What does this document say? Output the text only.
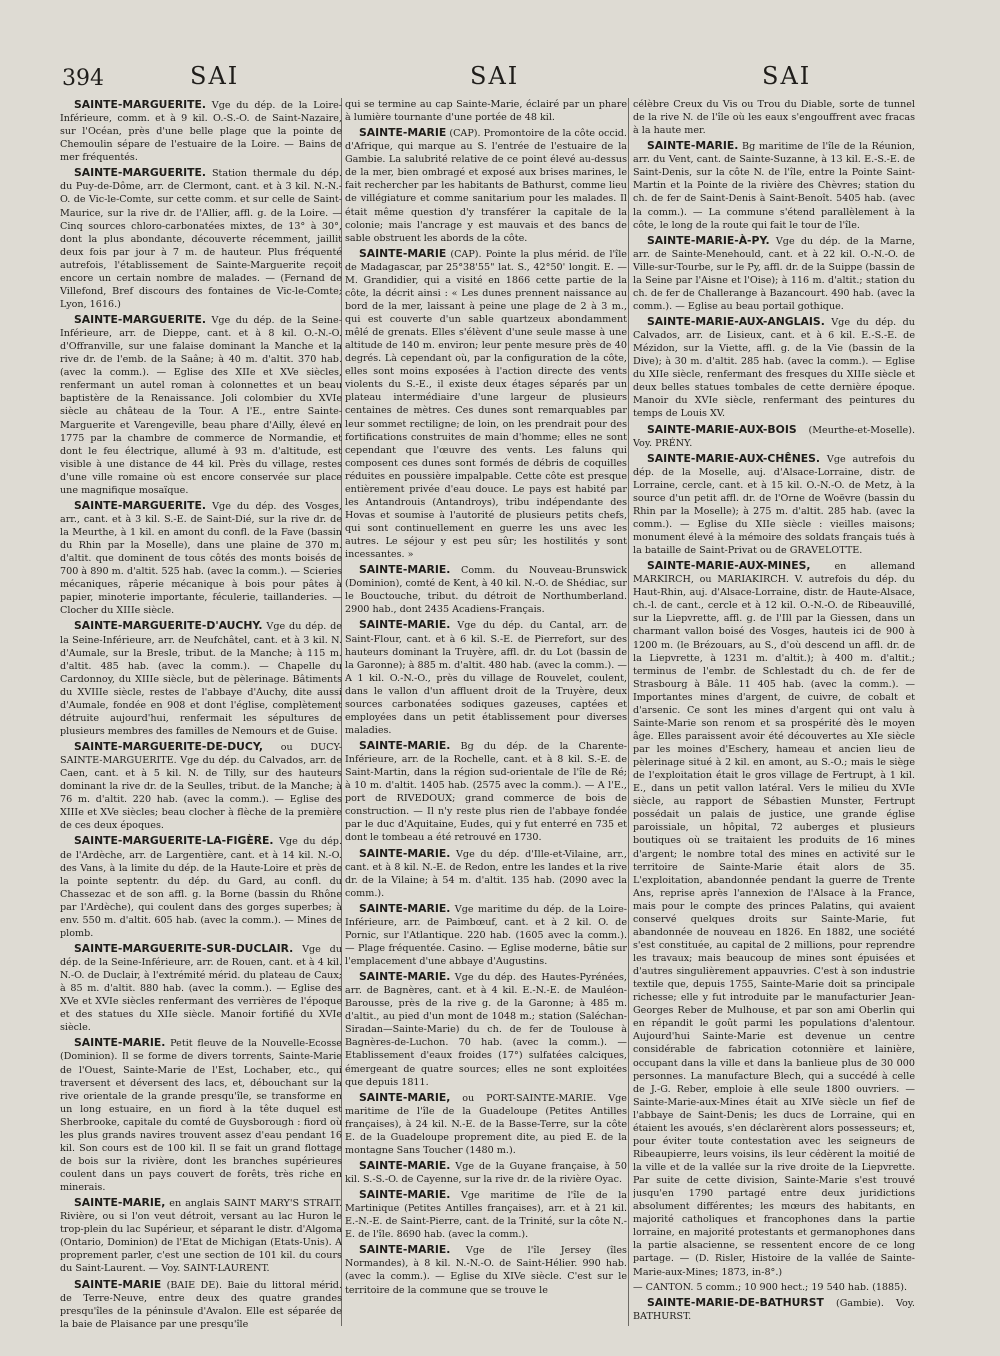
394	SAI	SAI	SAI

SAINTE-MARGUERITE. Vge du dép. de la Loire-Inférieure, comm. et à 9 kil. O.-S.-O. de Saint-Nazaire, sur l'Océan, près d'une belle plage que la pointe de Chemoulin sépare de l'estuaire de la Loire. — Bains de mer fréquentés.

SAINTE-MARGUERITE. Station thermale du dép. du Puy-de-Dôme, arr. de Clermont, cant. et à 3 kil. N.-N.-O. de Vic-le-Comte, sur cette comm. et sur celle de Saint-Maurice, sur la rive dr. de l'Allier, affl. g. de la Loire. — Cinq sources chloro-carbonatées mixtes, de 13° à 30°, dont la plus abondante, découverte récemment, jaillit deux fois par jour à 7 m. de hauteur. Plus fréquenté autrefois, l'établissement de Sainte-Marguerite reçoit encore un certain nombre de malades. — (Fernand de Villefond, Bref discours des fontaines de Vic-le-Comte; Lyon, 1616.)

SAINTE-MARGUERITE. Vge du dép. de la Seine-Inférieure, arr. de Dieppe, cant. et à 8 kil. O.-N.-O. d'Offranville, sur une falaise dominant la Manche et la rive dr. de l'emb. de la Saâne; à 40 m. d'altit. 370 hab. (avec la comm.). — Eglise des XIIe et XVe siècles, renfermant un autel roman à colonnettes et un beau baptistère de la Renaissance. Joli colombier du XVIe siècle au château de la Tour. A l'E., entre Sainte-Marguerite et Varengeville, beau phare d'Ailly, élevé en 1775 par la chambre de commerce de Normandie, et dont le feu électrique, allumé à 93 m. d'altitude, est visible à une distance de 44 kil. Près du village, restes d'une ville romaine où est encore conservée sur place une magnifique mosaïque.

SAINTE-MARGUERITE. Vge du dép. des Vosges, arr., cant. et à 3 kil. S.-E. de Saint-Dié, sur la rive dr. de la Meurthe, à 1 kil. en amont du confl. de la Fave (bassin du Rhin par la Moselle), dans une plaine de 370 m. d'altit. que dominent de tous côtés des monts boisés de 700 à 890 m. d'altit. 525 hab. (avec la comm.). — Scieries mécaniques, râperie mécanique à bois pour pâtes à papier, minoterie importante, féculerie, taillanderies. — Clocher du XIIIe siècle.

SAINTE-MARGUERITE-D'AUCHY. Vge du dép. de la Seine-Inférieure, arr. de Neufchâtel, cant. et à 3 kil. N. d'Aumale, sur la Bresle, tribut. de la Manche; à 115 m. d'altit. 485 hab. (avec la comm.). — Chapelle du Cardonnoy, du XIIIe siècle, but de pèlerinage. Bâtiments du XVIIIe siècle, restes de l'abbaye d'Auchy, dite aussi d'Aumale, fondée en 908 et dont l'église, complètement détruite aujourd'hui, renfermait les sépultures de plusieurs membres des familles de Nemours et de Guise.

SAINTE-MARGUERITE-DE-DUCY, ou DUCY-SAINTE-MARGUERITE. Vge du dép. du Calvados, arr. de Caen, cant. et à 5 kil. N. de Tilly, sur des hauteurs dominant la rive dr. de la Seulles, tribut. de la Manche; à 76 m. d'altit. 220 hab. (avec la comm.). — Eglise des XIIIe et XVe siècles; beau clocher à flèche de la première de ces deux époques.

SAINTE-MARGUERITE-LA-FIGÈRE. Vge du dép. de l'Ardèche, arr. de Largentière, cant. et à 14 kil. N.-O. des Vans, à la limite du dép. de la Haute-Loire et près de la pointe septentr. du dép. du Gard, au confl. du Chassezac et de son affl. g. la Borne (bassin du Rhône par l'Ardèche), qui coulent dans des gorges superbes; à env. 550 m. d'altit. 605 hab. (avec la comm.). — Mines de plomb.

SAINTE-MARGUERITE-SUR-DUCLAIR. Vge du dép. de la Seine-Inférieure, arr. de Rouen, cant. et à 4 kil. N.-O. de Duclair, à l'extrémité mérid. du plateau de Caux; à 85 m. d'altit. 880 hab. (avec la comm.). — Eglise des XVe et XVIe siècles renfermant des verrières de l'époque et des statues du XIIe siècle. Manoir fortifié du XVIe siècle.

SAINTE-MARIE. Petit fleuve de la Nouvelle-Ecosse (Dominion). Il se forme de divers torrents, Sainte-Marie de l'Ouest, Sainte-Marie de l'Est, Lochaber, etc., qui traversent et déversent des lacs, et, débouchant sur la rive orientale de la grande presqu'île, se transforme en un long estuaire, en un fiord à la tête duquel est Sherbrooke, capitale du comté de Guysborough : fiord où les plus grands navires trouvent assez d'eau pendant 16 kil. Son cours est de 100 kil. Il se fait un grand flottage de bois sur la rivière, dont les branches supérieures coulent dans un pays couvert de forêts, très riche en minerais.

SAINTE-MARIE, en anglais SAINT MARY'S STRAIT. Rivière, ou si l'on veut détroit, versant au lac Huron le trop-plein du lac Supérieur, et séparant le distr. d'Algoma (Ontario, Dominion) de l'Etat de Michigan (Etats-Unis). A proprement parler, c'est une section de 101 kil. du cours du Saint-Laurent. — Voy. SAINT-LAURENT.

SAINTE-MARIE (BAIE DE). Baie du littoral mérid. de Terre-Neuve, entre deux des quatre grandes presqu'îles de la péninsule d'Avalon. Elle est séparée de la baie de Plaisance par une presqu'île

qui se termine au cap Sainte-Marie, éclairé par un phare à lumière tournante d'une portée de 48 kil.

SAINTE-MARIE (CAP). Promontoire de la côte occid. d'Afrique, qui marque au S. l'entrée de l'estuaire de la Gambie. La salubrité relative de ce point élevé au-dessus de la mer, bien ombragé et exposé aux brises marines, le fait rechercher par les habitants de Bathurst, comme lieu de villégiature et comme sanitarium pour les malades. Il était même question d'y transférer la capitale de la colonie; mais l'ancrage y est mauvais et des bancs de sable obstruent les abords de la côte.

SAINTE-MARIE (CAP). Pointe la plus mérid. de l'île de Madagascar, par 25°38'55" lat. S., 42°50' longit. E. — M. Grandidier, qui a visité en 1866 cette partie de la côte, la décrit ainsi : « Les dunes prennent naissance au bord de la mer, laissant à peine une plage de 2 à 3 m., qui est couverte d'un sable quartzeux abondamment mêlé de grenats. Elles s'élèvent d'une seule masse à une altitude de 140 m. environ; leur pente mesure près de 40 degrés. Là cependant où, par la configuration de la côte, elles sont moins exposées à l'action directe des vents violents du S.-E., il existe deux étages séparés par un plateau intermédiaire d'une largeur de plusieurs centaines de mètres. Ces dunes sont remarquables par leur sommet rectiligne; de loin, on les prendrait pour des fortifications construites de main d'homme; elles ne sont cependant que l'œuvre des vents. Les faluns qui composent ces dunes sont formés de débris de coquilles réduites en poussière impalpable. Cette côte est presque entièrement privée d'eau douce. Le pays est habité par les Antandrouis (Antandroys), tribu indépendante des Hovas et soumise à l'autorité de plusieurs petits chefs, qui sont continuellement en guerre les uns avec les autres. Le séjour y est peu sûr; les hostilités y sont incessantes. »

SAINTE-MARIE. Comm. du Nouveau-Brunswick (Dominion), comté de Kent, à 40 kil. N.-O. de Shédiac, sur le Bouctouche, tribut. du détroit de Northumberland. 2900 hab., dont 2435 Acadiens-Français.

SAINTE-MARIE. Vge du dép. du Cantal, arr. de Saint-Flour, cant. et à 6 kil. S.-E. de Pierrefort, sur des hauteurs dominant la Truyère, affl. dr. du Lot (bassin de la Garonne); à 885 m. d'altit. 480 hab. (avec la comm.). — A 1 kil. O.-N.-O., près du village de Rouvelet, coulent, dans le vallon d'un affluent droit de la Truyère, deux sources carbonatées sodiques gazeuses, captées et employées dans un petit établissement pour diverses maladies.

SAINTE-MARIE. Bg du dép. de la Charente-Inférieure, arr. de la Rochelle, cant. et à 8 kil. S.-E. de Saint-Martin, dans la région sud-orientale de l'île de Ré; à 10 m. d'altit. 1405 hab. (2575 avec la comm.). — A l'E., port de RIVEDOUX; grand commerce de bois de construction. — Il n'y reste plus rien de l'abbaye fondée par le duc d'Aquitaine, Eudes, qui y fut enterré en 735 et dont le tombeau a été retrouvé en 1730.

SAINTE-MARIE. Vge du dép. d'Ille-et-Vilaine, arr., cant. et à 8 kil. N.-E. de Redon, entre les landes et la rive dr. de la Vilaine; à 54 m. d'altit. 135 hab. (2090 avec la comm.).

SAINTE-MARIE. Vge maritime du dép. de la Loire-Inférieure, arr. de Paimbœuf, cant. et à 2 kil. O. de Pornic, sur l'Atlantique. 220 hab. (1605 avec la comm.). — Plage fréquentée. Casino. — Eglise moderne, bâtie sur l'emplacement d'une abbaye d'Augustins.

SAINTE-MARIE. Vge du dép. des Hautes-Pyrénées, arr. de Bagnères, cant. et à 4 kil. E.-N.-E. de Mauléon-Barousse, près de la rive g. de la Garonne; à 485 m. d'altit., au pied d'un mont de 1048 m.; station (Saléchan-Siradan—Sainte-Marie) du ch. de fer de Toulouse à Bagnères-de-Luchon. 70 hab. (avec la comm.). — Etablissement d'eaux froides (17°) sulfatées calciques, émergeant de quatre sources; elles ne sont exploitées que depuis 1811.

SAINTE-MARIE, ou PORT-SAINTE-MARIE. Vge maritime de l'île de la Guadeloupe (Petites Antilles françaises), à 24 kil. N.-E. de la Basse-Terre, sur la côte E. de la Guadeloupe proprement dite, au pied E. de la montagne Sans Toucher (1480 m.).

SAINTE-MARIE. Vge de la Guyane française, à 50 kil. S.-S.-O. de Cayenne, sur la rive dr. de la rivière Oyac.

SAINTE-MARIE. Vge maritime de l'île de la Martinique (Petites Antilles françaises), arr. et à 21 kil. E.-N.-E. de Saint-Pierre, cant. de la Trinité, sur la côte N.-E. de l'île. 8690 hab. (avec la comm.).

SAINTE-MARIE. Vge de l'île Jersey (îles Normandes), à 8 kil. N.-N.-O. de Saint-Hélier. 990 hab. (avec la comm.). — Eglise du XIVe siècle. C'est sur le territoire de la commune que se trouve le

célèbre Creux du Vis ou Trou du Diable, sorte de tunnel de la rive N. de l'île où les eaux s'engouffrent avec fracas à la haute mer.

SAINTE-MARIE. Bg maritime de l'île de la Réunion, arr. du Vent, cant. de Sainte-Suzanne, à 13 kil. E.-S.-E. de Saint-Denis, sur la côte N. de l'île, entre la Pointe Saint-Martin et la Pointe de la rivière des Chèvres; station du ch. de fer de Saint-Denis à Saint-Benoît. 5405 hab. (avec la comm.). — La commune s'étend parallèlement à la côte, le long de la route qui fait le tour de l'île.

SAINTE-MARIE-À-PY. Vge du dép. de la Marne, arr. de Sainte-Menehould, cant. et à 22 kil. O.-N.-O. de Ville-sur-Tourbe, sur le Py, affl. dr. de la Suippe (bassin de la Seine par l'Aisne et l'Oise); à 116 m. d'altit.; station du ch. de fer de Challerange à Bazancourt. 490 hab. (avec la comm.). — Eglise au beau portail gothique.

SAINTE-MARIE-AUX-ANGLAIS. Vge du dép. du Calvados, arr. de Lisieux, cant. et à 6 kil. E.-S.-E. de Mézidon, sur la Viette, affl. g. de la Vie (bassin de la Dive); à 30 m. d'altit. 285 hab. (avec la comm.). — Eglise du XIIe siècle, renfermant des fresques du XIIIe siècle et deux belles statues tombales de cette dernière époque. Manoir du XVIe siècle, renfermant des peintures du temps de Louis XV.

SAINTE-MARIE-AUX-BOIS (Meurthe-et-Moselle). Voy. PRÉNY.

SAINTE-MARIE-AUX-CHÊNES. Vge autrefois du dép. de la Moselle, auj. d'Alsace-Lorraine, distr. de Lorraine, cercle, cant. et à 15 kil. O.-N.-O. de Metz, à la source d'un petit affl. dr. de l'Orne de Woëvre (bassin du Rhin par la Moselle); à 275 m. d'altit. 285 hab. (avec la comm.). — Eglise du XIIe siècle : vieilles maisons; monument élevé à la mémoire des soldats français tués à la bataille de Saint-Privat ou de GRAVELOTTE.

SAINTE-MARIE-AUX-MINES,	en allemand MARKIRCH, ou MARIAKIRCH. V. autrefois du dép. du Haut-Rhin, auj. d'Alsace-Lorraine, distr. de Haute-Alsace, ch.-l. de cant., cercle et à 12 kil. O.-N.-O. de Ribeauvillé, sur la Liepvrette, affl. g. de l'Ill par la Giessen, dans un charmant vallon boisé des Vosges, hauteis ici de 900 à 1200 m. (le Brézouars, au S., d'où descend un affl. dr. de la Liepvrette, à 1231 m. d'altit.); à 400 m. d'altit.; terminus de l'embr. de Schlestadt du ch. de fer de Strasbourg à Bâle. 11 405 hab. (avec la comm.). — Importantes mines d'argent, de cuivre, de cobalt et d'arsenic. Ce sont les mines d'argent qui ont valu à Sainte-Marie son renom et sa prospérité dès le moyen âge. Elles paraissent avoir été découvertes au XIe siècle par les moines d'Eschery, hameau et ancien lieu de pèlerinage situé à 2 kil. en amont, au S.-O.; mais le siège de l'exploitation était le gros village de Fertrupt, à 1 kil. E., dans un petit vallon latéral. Vers le milieu du XVIe siècle, au rapport de Sébastien Munster, Fertrupt possédait un palais de justice, une grande église paroissiale, un hôpital, 72 auberges et plusieurs boutiques où se traitaient les produits de 16 mines d'argent; le nombre total des mines en activité sur le territoire de Sainte-Marie était alors de 35. L'exploitation, abandonnée pendant la guerre de Trente Ans, reprise après l'annexion de l'Alsace à la France, mais pour le compte des princes Palatins, qui avaient conservé quelques droits sur Sainte-Marie, fut abandonnée de nouveau en 1826. En 1882, une société s'est constituée, au capital de 2 millions, pour reprendre les travaux; mais beaucoup de mines sont épuisées et d'autres singulièrement appauvries. C'est à son industrie textile que, depuis 1755, Sainte-Marie doit sa principale richesse; elle y fut introduite par le manufacturier Jean-Georges Reber de Mulhouse, et par son ami Oberlin qui en répandit le goût parmi les populations d'alentour. Aujourd'hui Sainte-Marie est devenue un centre considérable de fabrication cotonnière et lainière, occupant dans la ville et dans la banlieue plus de 30 000 personnes. La manufacture Blech, qui a succédé à celle de J.-G. Reber, emploie à elle seule 1800 ouvriers. — Sainte-Marie-aux-Mines était au XIVe siècle un fief de l'abbaye de Saint-Denis; les ducs de Lorraine, qui en étaient les avoués, s'en déclarèrent alors possesseurs; et, pour éviter toute contestation avec les seigneurs de Ribeaupierre, leurs voisins, ils leur cédèrent la moitié de la ville et de la vallée sur la rive droite de la Liepvrette. Par suite de cette division, Sainte-Marie s'est trouvé jusqu'en 1790 partagé entre deux juridictions absolument différentes; les mœurs des habitants, en majorité catholiques et francophones dans la partie lorraine, en majorité protestants et germanophones dans la partie alsacienne, se ressentent encore de ce long partage. — (D. Risler, Histoire de la vallée de Sainte-Marie-aux-Mines; 1873, in-8°.)

— CANTON. 5 comm.; 10 900 hect.; 19 540 hab. (1885).

SAINTE-MARIE-DE-BATHURST (Gambie). Voy. BATHURST.
